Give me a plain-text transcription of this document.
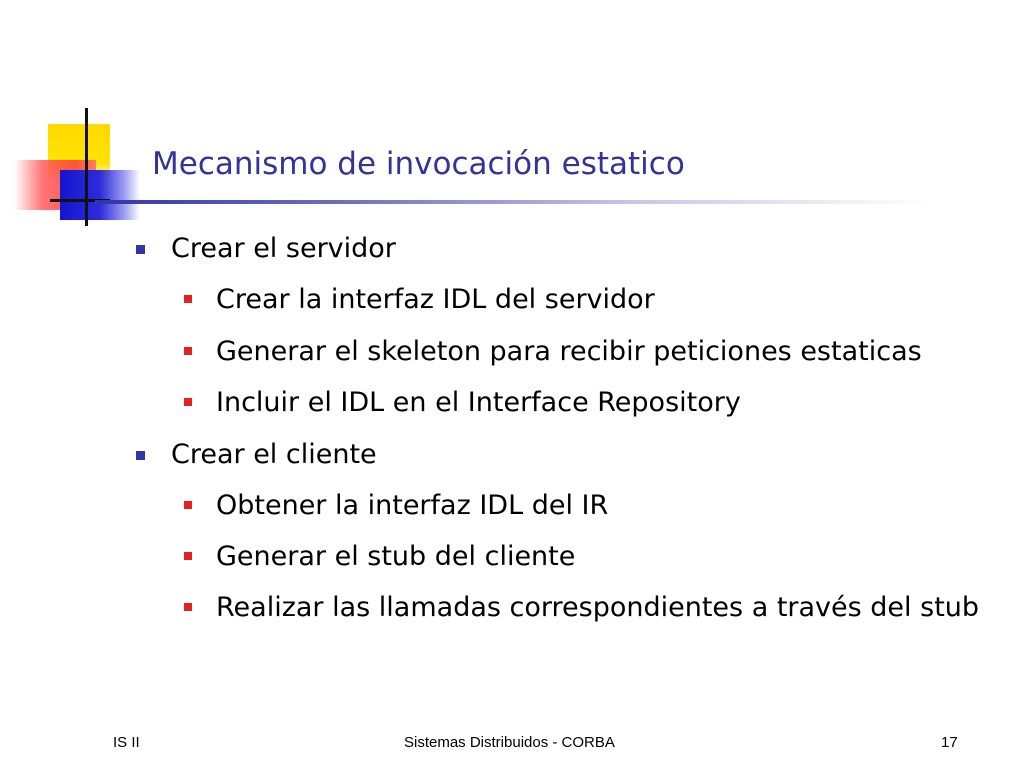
Mecanismo de invocación estatico
Crear el servidor
Crear la interfaz IDL del servidor
Generar el skeleton para recibir peticiones estaticas
Incluir el IDL en el Interface Repository
Crear el cliente
Obtener la interfaz IDL del IR
Generar el stub del cliente
Realizar las llamadas correspondientes a través del stub
IS II	Sistemas Distribuidos - CORBA	17
